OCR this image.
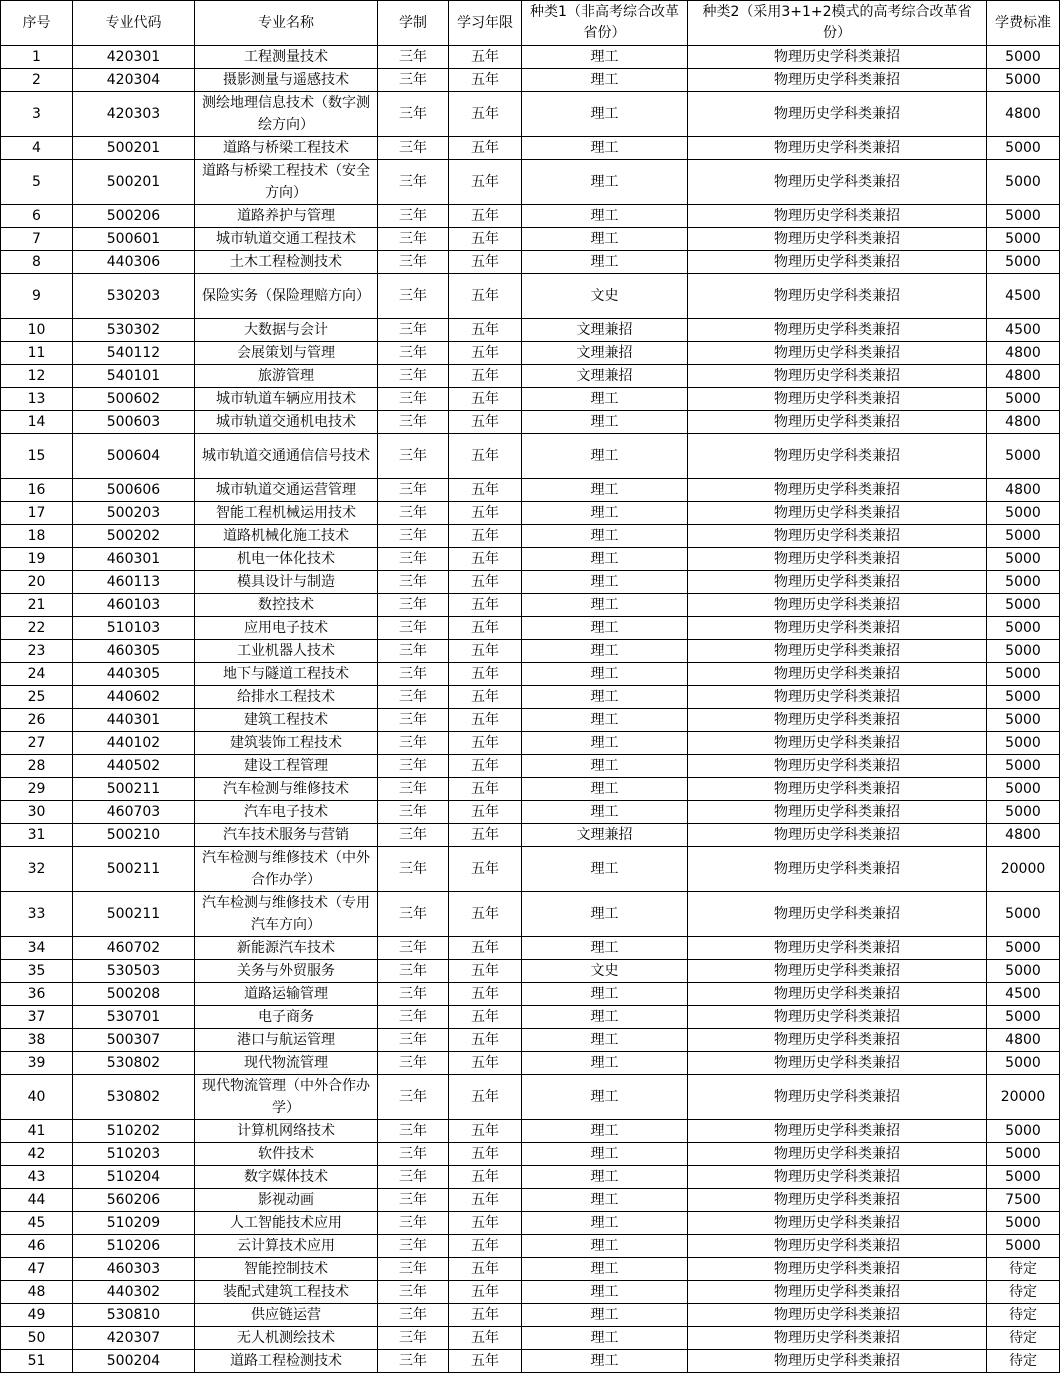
序号	专业代码	专业名称	学制	学习年限	种类1（非高考综合改革省份）	种类2（采用3+1+2模式的高考综合改革省份）	学费标准
1	420301	工程测量技术	三年	五年	理工	物理历史学科类兼招	5000
2	420304	摄影测量与遥感技术	三年	五年	理工	物理历史学科类兼招	5000
3	420303	测绘地理信息技术（数字测绘方向）	三年	五年	理工	物理历史学科类兼招	4800
4	500201	道路与桥梁工程技术	三年	五年	理工	物理历史学科类兼招	5000
5	500201	道路与桥梁工程技术（安全方向）	三年	五年	理工	物理历史学科类兼招	5000
6	500206	道路养护与管理	三年	五年	理工	物理历史学科类兼招	5000
7	500601	城市轨道交通工程技术	三年	五年	理工	物理历史学科类兼招	5000
8	440306	土木工程检测技术	三年	五年	理工	物理历史学科类兼招	5000
9	530203	保险实务（保险理赔方向）	三年	五年	文史	物理历史学科类兼招	4500
10	530302	大数据与会计	三年	五年	文理兼招	物理历史学科类兼招	4500
11	540112	会展策划与管理	三年	五年	文理兼招	物理历史学科类兼招	4800
12	540101	旅游管理	三年	五年	文理兼招	物理历史学科类兼招	4800
13	500602	城市轨道车辆应用技术	三年	五年	理工	物理历史学科类兼招	5000
14	500603	城市轨道交通机电技术	三年	五年	理工	物理历史学科类兼招	4800
15	500604	城市轨道交通通信信号技术	三年	五年	理工	物理历史学科类兼招	5000
16	500606	城市轨道交通运营管理	三年	五年	理工	物理历史学科类兼招	4800
17	500203	智能工程机械运用技术	三年	五年	理工	物理历史学科类兼招	5000
18	500202	道路机械化施工技术	三年	五年	理工	物理历史学科类兼招	5000
19	460301	机电一体化技术	三年	五年	理工	物理历史学科类兼招	5000
20	460113	模具设计与制造	三年	五年	理工	物理历史学科类兼招	5000
21	460103	数控技术	三年	五年	理工	物理历史学科类兼招	5000
22	510103	应用电子技术	三年	五年	理工	物理历史学科类兼招	5000
23	460305	工业机器人技术	三年	五年	理工	物理历史学科类兼招	5000
24	440305	地下与隧道工程技术	三年	五年	理工	物理历史学科类兼招	5000
25	440602	给排水工程技术	三年	五年	理工	物理历史学科类兼招	5000
26	440301	建筑工程技术	三年	五年	理工	物理历史学科类兼招	5000
27	440102	建筑装饰工程技术	三年	五年	理工	物理历史学科类兼招	5000
28	440502	建设工程管理	三年	五年	理工	物理历史学科类兼招	5000
29	500211	汽车检测与维修技术	三年	五年	理工	物理历史学科类兼招	5000
30	460703	汽车电子技术	三年	五年	理工	物理历史学科类兼招	5000
31	500210	汽车技术服务与营销	三年	五年	文理兼招	物理历史学科类兼招	4800
32	500211	汽车检测与维修技术（中外合作办学）	三年	五年	理工	物理历史学科类兼招	20000
33	500211	汽车检测与维修技术（专用汽车方向）	三年	五年	理工	物理历史学科类兼招	5000
34	460702	新能源汽车技术	三年	五年	理工	物理历史学科类兼招	5000
35	530503	关务与外贸服务	三年	五年	文史	物理历史学科类兼招	5000
36	500208	道路运输管理	三年	五年	理工	物理历史学科类兼招	4500
37	530701	电子商务	三年	五年	理工	物理历史学科类兼招	5000
38	500307	港口与航运管理	三年	五年	理工	物理历史学科类兼招	4800
39	530802	现代物流管理	三年	五年	理工	物理历史学科类兼招	5000
40	530802	现代物流管理（中外合作办学）	三年	五年	理工	物理历史学科类兼招	20000
41	510202	计算机网络技术	三年	五年	理工	物理历史学科类兼招	5000
42	510203	软件技术	三年	五年	理工	物理历史学科类兼招	5000
43	510204	数字媒体技术	三年	五年	理工	物理历史学科类兼招	5000
44	560206	影视动画	三年	五年	理工	物理历史学科类兼招	7500
45	510209	人工智能技术应用	三年	五年	理工	物理历史学科类兼招	5000
46	510206	云计算技术应用	三年	五年	理工	物理历史学科类兼招	5000
47	460303	智能控制技术	三年	五年	理工	物理历史学科类兼招	待定
48	440302	装配式建筑工程技术	三年	五年	理工	物理历史学科类兼招	待定
49	530810	供应链运营	三年	五年	理工	物理历史学科类兼招	待定
50	420307	无人机测绘技术	三年	五年	理工	物理历史学科类兼招	待定
51	500204	道路工程检测技术	三年	五年	理工	物理历史学科类兼招	待定
